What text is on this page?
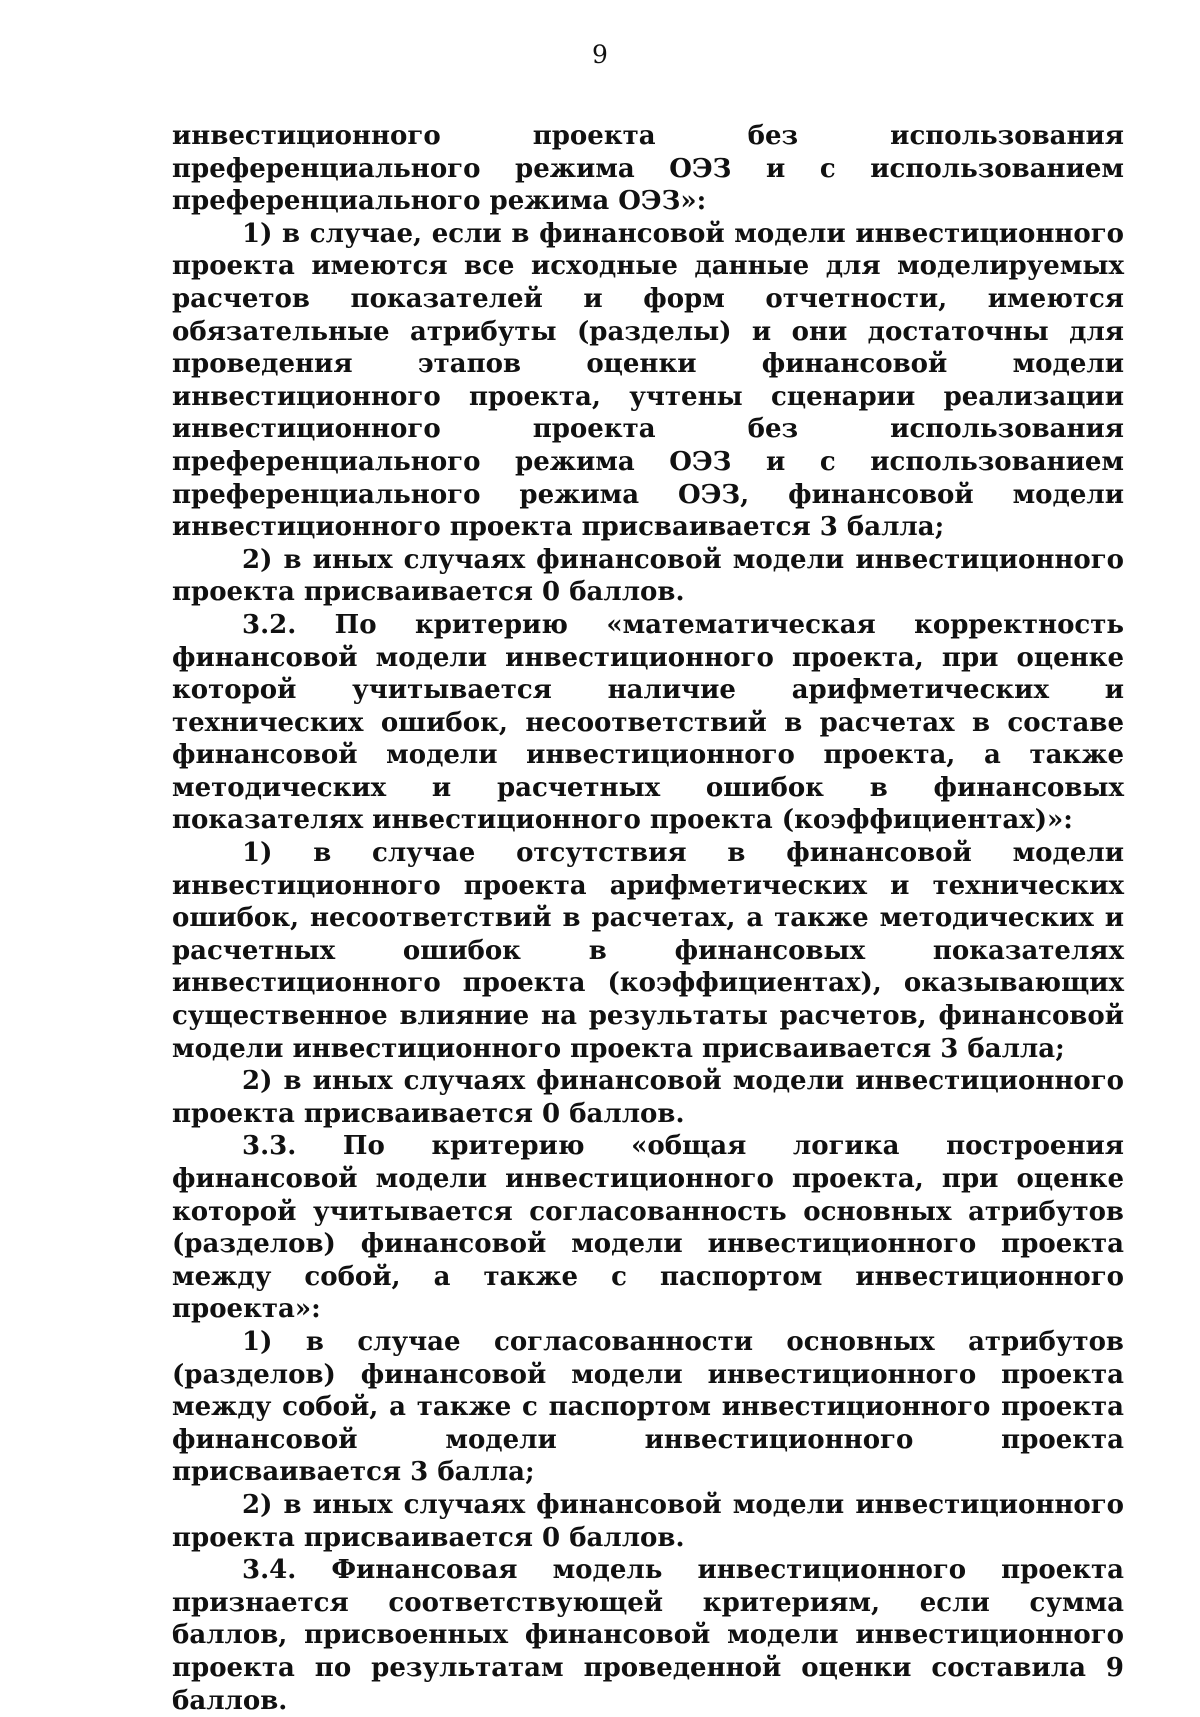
9

инвестиционного проекта без использования преференциального режима ОЭЗ и с использованием преференциального режима ОЭЗ»:

1) в случае, если в финансовой модели инвестиционного проекта имеются все исходные данные для моделируемых расчетов показателей и форм отчетности, имеются обязательные атрибуты (разделы) и они достаточны для проведения этапов оценки финансовой модели инвестиционного проекта, учтены сценарии реализации инвестиционного проекта без использования преференциального режима ОЭЗ и с использованием преференциального режима ОЭЗ, финансовой модели инвестиционного проекта присваивается 3 балла;

2) в иных случаях финансовой модели инвестиционного проекта присваивается 0 баллов.

3.2. По критерию «математическая корректность финансовой модели инвестиционного проекта, при оценке которой учитывается наличие арифметических и технических ошибок, несоответствий в расчетах в составе финансовой модели инвестиционного проекта, а также методических и расчетных ошибок в финансовых показателях инвестиционного проекта (коэффициентах)»:

1) в случае отсутствия в финансовой модели инвестиционного проекта арифметических и технических ошибок, несоответствий в расчетах, а также методических и расчетных ошибок в финансовых показателях инвестиционного проекта (коэффициентах), оказывающих существенное влияние на результаты расчетов, финансовой модели инвестиционного проекта присваивается 3 балла;

2) в иных случаях финансовой модели инвестиционного проекта присваивается 0 баллов.

3.3. По критерию «общая логика построения финансовой модели инвестиционного проекта, при оценке которой учитывается согласованность основных атрибутов (разделов) финансовой модели инвестиционного проекта между собой, а также с паспортом инвестиционного проекта»:

1) в случае согласованности основных атрибутов (разделов) финансовой модели инвестиционного проекта между собой, а также с паспортом инвестиционного проекта финансовой модели инвестиционного проекта присваивается 3 балла;

2) в иных случаях финансовой модели инвестиционного проекта присваивается 0 баллов.

3.4. Финансовая модель инвестиционного проекта признается соответствующей критериям, если сумма баллов, присвоенных финансовой модели инвестиционного проекта по результатам проведенной оценки составила 9 баллов.
